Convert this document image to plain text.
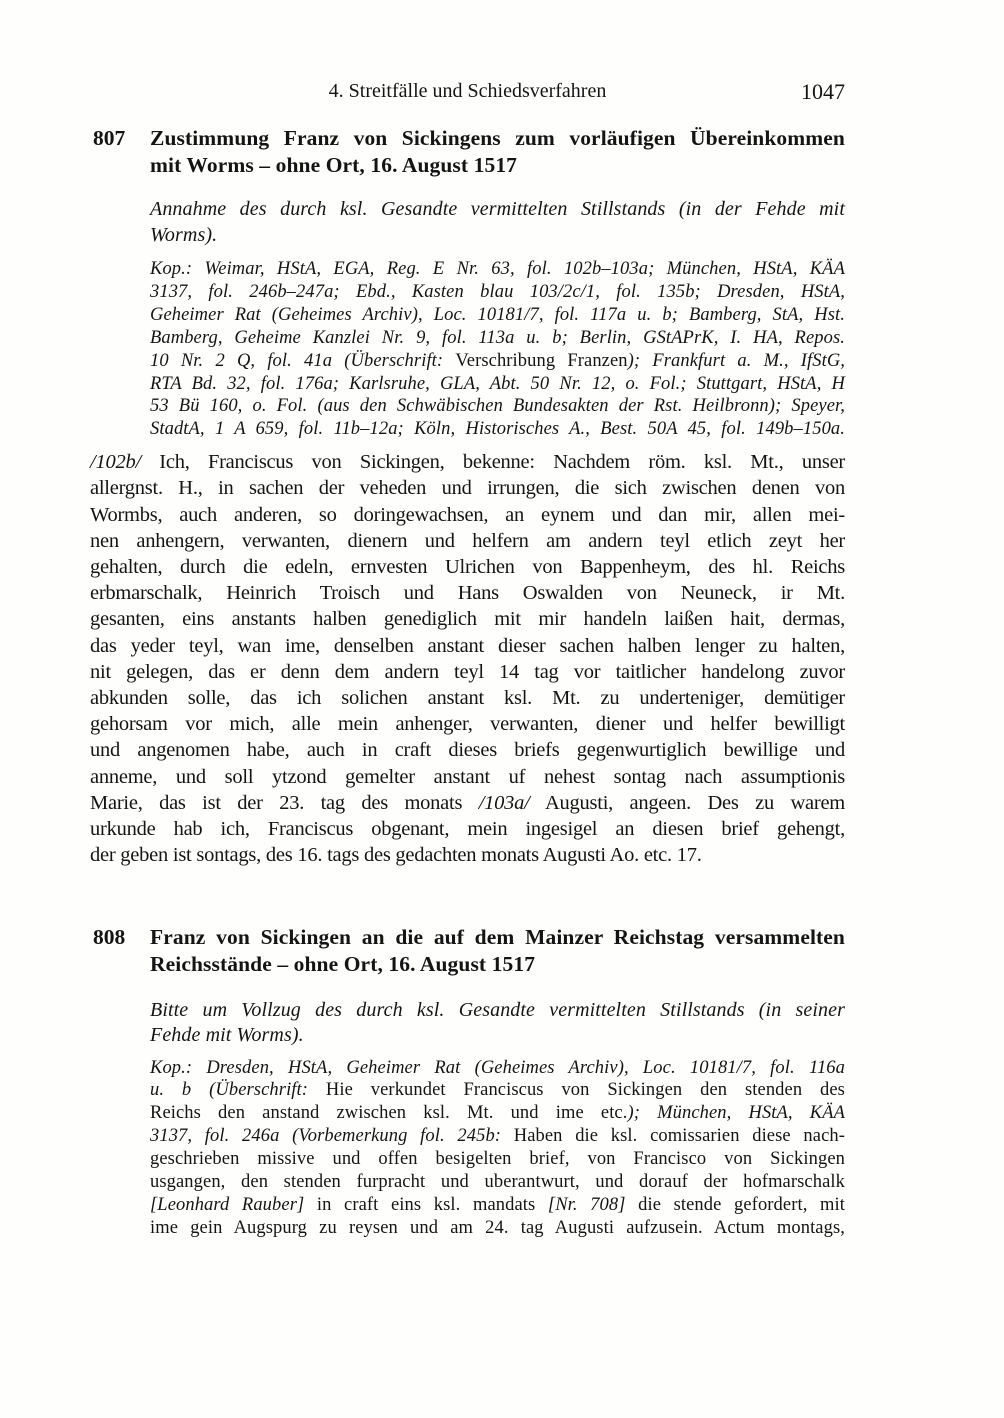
4. Streitfälle und Schiedsverfahren	1047
807	Zustimmung Franz von Sickingens zum vorläufigen Übereinkommen
mit Worms – ohne Ort, 16. August 1517
Annahme des durch ksl. Gesandte vermittelten Stillstands (in der Fehde mit
Worms).
Kop.: Weimar, HStA, EGA, Reg. E Nr. 63, fol. 102b–103a; München, HStA, KÄA
3137, fol. 246b–247a; Ebd., Kasten blau 103/2c/1, fol. 135b; Dresden, HStA,
Geheimer Rat (Geheimes Archiv), Loc. 10181/7, fol. 117a u. b; Bamberg, StA, Hst.
Bamberg, Geheime Kanzlei Nr. 9, fol. 113a u. b; Berlin, GStAPrK, I. HA, Repos.
10 Nr. 2 Q, fol. 41a (Überschrift: Verschribung Franzen); Frankfurt a. M., IfStG,
RTA Bd. 32, fol. 176a; Karlsruhe, GLA, Abt. 50 Nr. 12, o. Fol.; Stuttgart, HStA, H
53 Bü 160, o. Fol. (aus den Schwäbischen Bundesakten der Rst. Heilbronn); Speyer,
StadtA, 1 A 659, fol. 11b–12a; Köln, Historisches A., Best. 50A 45, fol. 149b–150a.
/102b/ Ich, Franciscus von Sickingen, bekenne: Nachdem röm. ksl. Mt., unser
allergnst. H., in sachen der veheden und irrungen, die sich zwischen denen von
Wormbs, auch anderen, so doringewachsen, an eynem und dan mir, allen mei-
nen anhengern, verwanten, dienern und helfern am andern teyl etlich zeyt her
gehalten, durch die edeln, ernvesten Ulrichen von Bappenheym, des hl. Reichs
erbmarschalk, Heinrich Troisch und Hans Oswalden von Neuneck, ir Mt.
gesanten, eins anstants halben genediglich mit mir handeln laißen hait, dermas,
das yeder teyl, wan ime, denselben anstant dieser sachen halben lenger zu halten,
nit gelegen, das er denn dem andern teyl 14 tag vor taitlicher handelong zuvor
abkunden solle, das ich solichen anstant ksl. Mt. zu underteniger, demütiger
gehorsam vor mich, alle mein anhenger, verwanten, diener und helfer bewilligt
und angenomen habe, auch in craft dieses briefs gegenwurtiglich bewillige und
anneme, und soll ytzond gemelter anstant uf nehest sontag nach assumptionis
Marie, das ist der 23. tag des monats /103a/ Augusti, angeen. Des zu warem
urkunde hab ich, Franciscus obgenant, mein ingesigel an diesen brief gehengt,
der geben ist sontags, des 16. tags des gedachten monats Augusti Ao. etc. 17.
808	Franz von Sickingen an die auf dem Mainzer Reichstag versammelten
Reichsstände – ohne Ort, 16. August 1517
Bitte um Vollzug des durch ksl. Gesandte vermittelten Stillstands (in seiner
Fehde mit Worms).
Kop.: Dresden, HStA, Geheimer Rat (Geheimes Archiv), Loc. 10181/7, fol. 116a
u. b (Überschrift: Hie verkundet Franciscus von Sickingen den stenden des
Reichs den anstand zwischen ksl. Mt. und ime etc.); München, HStA, KÄA
3137, fol. 246a (Vorbemerkung fol. 245b: Haben die ksl. comissarien diese nach-
geschrieben missive und offen besigelten brief, von Francisco von Sickingen
usgangen, den stenden furpracht und uberantwurt, und dorauf der hofmarschalk
[Leonhard Rauber] in craft eins ksl. mandats [Nr. 708] die stende gefordert, mit
ime gein Augspurg zu reysen und am 24. tag Augusti aufzusein. Actum montags,
